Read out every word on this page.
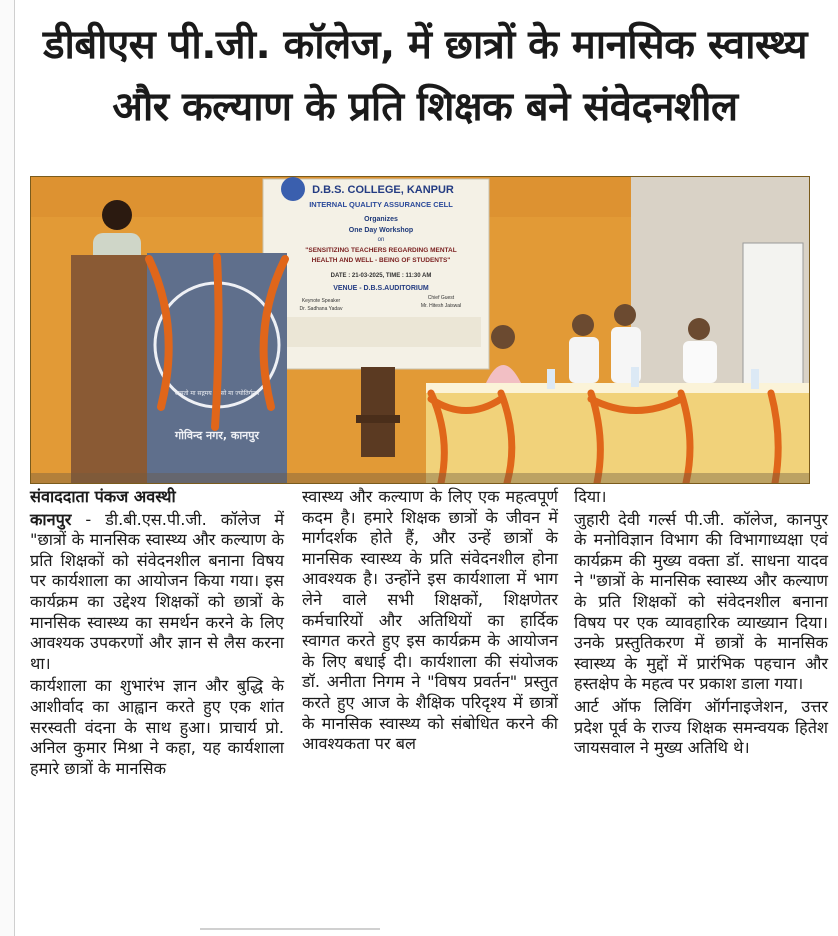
डीबीएस पी.जी. कॉलेज, में छात्रों के मानसिक स्वास्थ्य
और कल्याण के प्रति शिक्षक बने संवेदनशील
D.B.S. COLLEGE, KANPUR
INTERNAL QUALITY ASSURANCE CELL
Organizes
One Day Workshop
on
"SENSITIZING TEACHERS REGARDING MENTAL
HEALTH AND WELL - BEING OF STUDENTS"
DATE : 21-03-2025, TIME : 11:30 AM
VENUE - D.B.S.AUDITORIUM
Keynote Speaker
Dr. Sadhana Yadav
Chief Guest
Mr. Hitesh Jaiswal
असतो मा सद्गमय तमसो मा ज्योतिर्गमय
गोविन्द नगर, कानपुर

संवाददाता पंकज अवस्थी

कानपुर - डी.बी.एस.पी.जी. कॉलेज में "छात्रों के मानसिक स्वास्थ्य और कल्याण के प्रति शिक्षकों को संवेदनशील बनाना विषय पर कार्यशाला का आयोजन किया गया। इस कार्यक्रम का उद्देश्य शिक्षकों को छात्रों के मानसिक स्वास्थ्य का समर्थन करने के लिए आवश्यक उपकरणों और ज्ञान से लैस करना था।

कार्यशाला का शुभारंभ ज्ञान और बुद्धि के आशीर्वाद का आह्वान करते हुए एक शांत सरस्वती वंदना के साथ हुआ। प्राचार्य प्रो. अनिल कुमार मिश्रा ने कहा, यह कार्यशाला हमारे छात्रों के मानसिक

स्वास्थ्य और कल्याण के लिए एक महत्वपूर्ण कदम है। हमारे शिक्षक छात्रों के जीवन में मार्गदर्शक होते हैं, और उन्हें छात्रों के मानसिक स्वास्थ्य के प्रति संवेदनशील होना आवश्यक है। उन्होंने इस कार्यशाला में भाग लेने वाले सभी शिक्षकों, शिक्षणेतर कर्मचारियों और अतिथियों का हार्दिक स्वागत करते हुए इस कार्यक्रम के आयोजन के लिए बधाई दी। कार्यशाला की संयोजक डॉ. अनीता निगम ने "विषय प्रवर्तन" प्रस्तुत करते हुए आज के शैक्षिक परिदृश्य में छात्रों के मानसिक स्वास्थ्य को संबोधित करने की आवश्यकता पर बल

दिया।

जुहारी देवी गर्ल्स पी.जी. कॉलेज, कानपुर के मनोविज्ञान विभाग की विभागाध्यक्षा एवं कार्यक्रम की मुख्य वक्ता डॉ. साधना यादव ने "छात्रों के मानसिक स्वास्थ्य और कल्याण के प्रति शिक्षकों को संवेदनशील बनाना विषय पर एक व्यावहारिक व्याख्यान दिया। उनके प्रस्तुतिकरण में छात्रों के मानसिक स्वास्थ्य के मुद्दों में प्रारंभिक पहचान और हस्तक्षेप के महत्व पर प्रकाश डाला गया।

आर्ट ऑफ लिविंग ऑर्गनाइजेशन, उत्तर प्रदेश पूर्व के राज्य शिक्षक समन्वयक हितेश जायसवाल ने मुख्य अतिथि थे।
